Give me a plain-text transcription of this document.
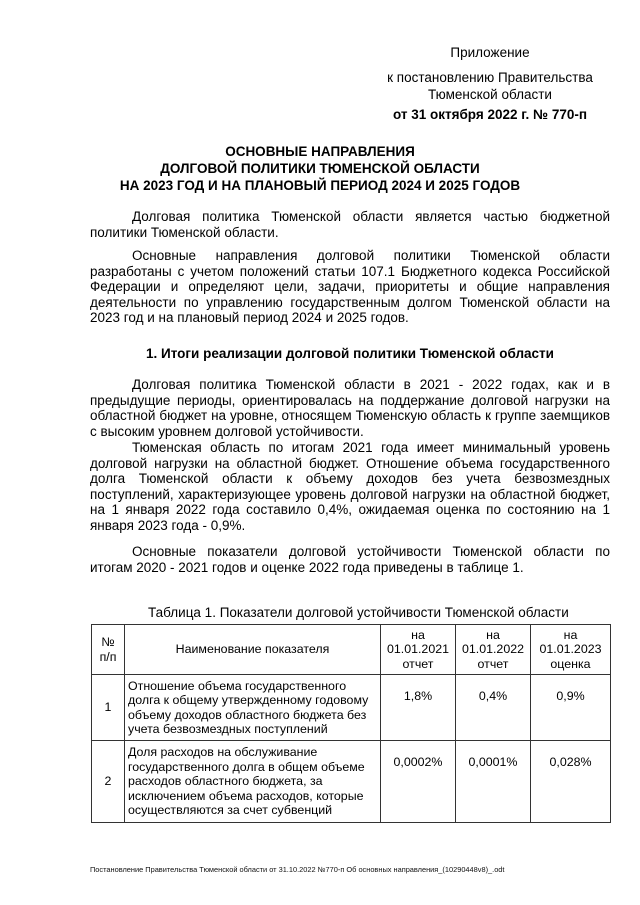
Приложение
к постановлению Правительства
Тюменской области
от 31 октября 2022 г. № 770-п
ОСНОВНЫЕ НАПРАВЛЕНИЯ
ДОЛГОВОЙ ПОЛИТИКИ ТЮМЕНСКОЙ ОБЛАСТИ
НА 2023 ГОД И НА ПЛАНОВЫЙ ПЕРИОД 2024 И 2025 ГОДОВ
Долговая политика Тюменской области является частью бюджетной политики Тюменской области.
Основные направления долговой политики Тюменской области разработаны с учетом положений статьи 107.1 Бюджетного кодекса Российской Федерации и определяют цели, задачи, приоритеты и общие направления деятельности по управлению государственным долгом Тюменской области на 2023 год и на плановый период 2024 и 2025 годов.
1. Итоги реализации долговой политики Тюменской области
Долговая политика Тюменской области в 2021 - 2022 годах, как и в предыдущие периоды, ориентировалась на поддержание долговой нагрузки на областной бюджет на уровне, относящем Тюменскую область к группе заемщиков с высоким уровнем долговой устойчивости.
Тюменская область по итогам 2021 года имеет минимальный уровень долговой нагрузки на областной бюджет. Отношение объема государственного долга Тюменской области к объему доходов без учета безвозмездных поступлений, характеризующее уровень долговой нагрузки на областной бюджет, на 1 января 2022 года составило 0,4%, ожидаемая оценка по состоянию на 1 января 2023 года - 0,9%.
Основные показатели долговой устойчивости Тюменской области по итогам 2020 - 2021 годов и оценке 2022 года приведены в таблице 1.
Таблица 1. Показатели долговой устойчивости Тюменской области
№ п/п	Наименование показателя	на 01.01.2021 отчет	на 01.01.2022 отчет	на 01.01.2023 оценка
1	Отношение объема государственного долга к общему утвержденному годовому объему доходов областного бюджета без учета безвозмездных поступлений	1,8%	0,4%	0,9%
2	Доля расходов на обслуживание государственного долга в общем объеме расходов областного бюджета, за исключением объема расходов, которые осуществляются за счет субвенций	0,0002%	0,0001%	0,028%
Постановление Правительства Тюменской области от 31.10.2022 №770-п Об основных направления_(10290448v8)_.odt
